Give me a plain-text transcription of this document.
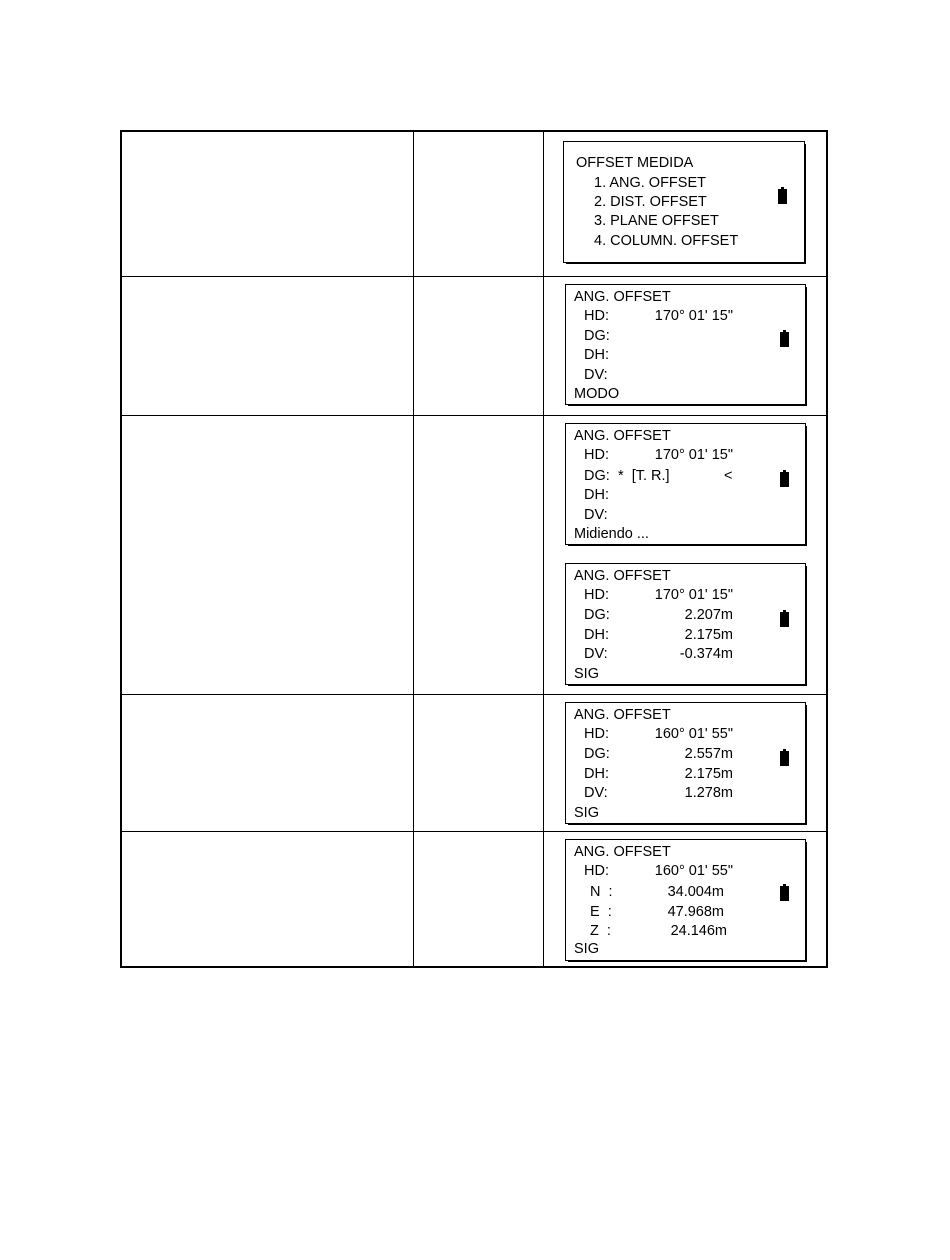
OFFSET MEDIDA
1. ANG. OFFSET
2. DIST. OFFSET
3. PLANE OFFSET
4. COLUMN. OFFSET
ANG. OFFSET
HD:	170° 01' 15"
DG:
DH:
DV:
MODO
ANG. OFFSET
HD:	170° 01' 15"
DG: *  [T. R.]	<
DH:
DV:
Midiendo ...
ANG. OFFSET
HD:	170° 01' 15"
DG:	2.207m
DH:	2.175m
DV:	-0.374m
SIG
ANG. OFFSET
HD:	160° 01' 55"
DG:	2.557m
DH:	2.175m
DV:	1.278m
SIG
ANG. OFFSET
HD:	160° 01' 55"
N  :	34.004m
E  :	47.968m
Z  :	24.146m
SIG
